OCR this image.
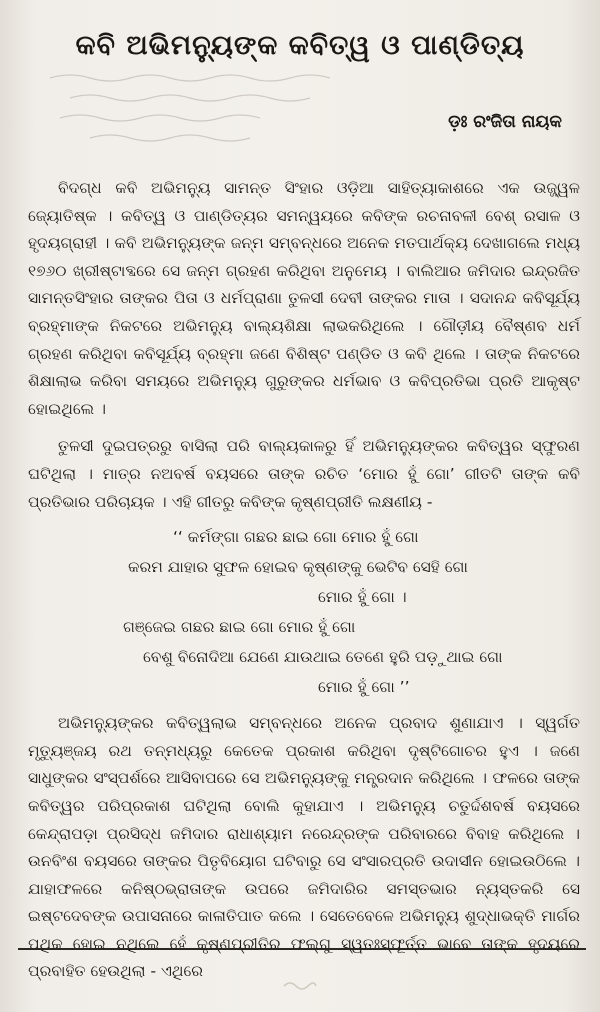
କବି ଅଭିମନ୍ୟୁଙ୍କ କବିତ୍ୱ ଓ ପାଣ୍ଡିତ୍ୟ
ଡ଼ଃ ରଂଜିତା ନାୟକ

ବିଦଗ୍ଧ କବି ଅଭିମନ୍ୟୁ ସାମନ୍ତ ସିଂହାର ଓଡ଼ିଆ ସାହିତ୍ୟାକାଶରେ ଏକ ଉଜ୍ଜ୍ୱଳ ଜ୍ୟୋତିଷ୍କ । କବିତ୍ୱ ଓ ପାଣ୍ଡିତ୍ୟର ସମନ୍ୱୟରେ କବିଙ୍କ ରଚନାବଳୀ ବେଶ୍ ରସାଳ ଓ ହୃଦୟଗ୍ରାହୀ । କବି ଅଭିମନ୍ୟୁଙ୍କ ଜନ୍ମ ସମ୍ବନ୍ଧରେ ଅନେକ ମତପାର୍ଥକ୍ୟ ଦେଖାଗଲେ ମଧ୍ୟ ୧୭୬୦ ଖ୍ରୀଷ୍ଟାବ୍ଦରେ ସେ ଜନ୍ମ ଗ୍ରହଣ କରିଥିବା ଅନୁମେୟ । ବାଲିଆର ଜମିଦାର ଇନ୍ଦ୍ରଜିତ ସାମନ୍ତସିଂହାର ତାଙ୍କର ପିତା ଓ ଧର୍ମପ୍ରାଣା ତୁଳସୀ ଦେବୀ ତାଙ୍କର ମାତା । ସଦାନନ୍ଦ କବିସୂର୍ଯ୍ୟ ବ୍ରହ୍ମାଙ୍କ ନିକଟରେ ଅଭିମନ୍ୟୁ ବାଲ୍ୟଶିକ୍ଷା ଲାଭକରିଥିଲେ । ଗୌଡ଼ୀୟ ବୈଷ୍ଣବ ଧର୍ମ ଗ୍ରହଣ କରିଥିବା କବିସୂର୍ଯ୍ୟ ବ୍ରହ୍ମା ଜଣେ ବିଶିଷ୍ଟ ପଣ୍ଡିତ ଓ କବି ଥିଲେ । ତାଙ୍କ ନିକଟରେ ଶିକ୍ଷାଲାଭ କରିବା ସମୟରେ ଅଭିମନ୍ୟୁ ଗୁରୁଙ୍କର ଧର୍ମଭାବ ଓ କବିପ୍ରତିଭା ପ୍ରତି ଆକୃଷ୍ଟ ହୋଇଥିଲେ ।

ତୁଳସୀ ଦୁଇପତ୍ରରୁ ବାସିଲା ପରି ବାଲ୍ୟକାଳରୁ ହିଁ ଅଭିମନ୍ୟୁଙ୍କର କବିତ୍ୱର ସ୍ଫୁରଣ ଘଟିଥିଲା । ମାତ୍ର ନଅବର୍ଷ ବୟସରେ ତାଙ୍କ ରଚିତ ‘ମୋର ହୁଁ ଗୋ’ ଗୀତଟି ତାଙ୍କ କବି ପ୍ରତିଭାର ପରିଚାୟକ । ଏହି ଗୀତରୁ କବିଙ୍କ କୃଷ୍ଣପ୍ରୀତି ଲକ୍ଷଣୀୟ -

‘‘ କର୍ମଙ୍ଗା ଗଛର ଛାଇ ଗୋ ମୋର ହୁଁ ଗୋ
କରମ ଯାହାର ସୁଫଳ ହୋଇବ କୃଷ୍ଣଙ୍କୁ ଭେଟିବ ସେହି ଗୋ
ମୋର ହୁଁ ଗୋ ।
ଗଞ୍ଜେଇ ଗଛର ଛାଇ ଗୋ ମୋର ହୁଁ ଗୋ
ବେଶୁ ବିନୋଦିଆ ଯେଣେ ଯାଉଥାଇ ତେଣେ ହୁରି ପଡ଼ୁଥାଇ ଗୋ
ମୋର ହୁଁ ଗୋ ’’

ଅଭିମନ୍ୟୁଙ୍କର କବିତ୍ୱଲାଭ ସମ୍ବନ୍ଧରେ ଅନେକ ପ୍ରବାଦ ଶୁଣାଯାଏ । ସ୍ୱର୍ଗତ ମୃତ୍ୟୁଞ୍ଜୟ ରଥ ତନ୍ମଧ୍ୟରୁ କେତେକ ପ୍ରକାଶ କରିଥିବା ଦୃଷ୍ଟିଗୋଚର ହୁଏ । ଜଣେ ସାଧୁଙ୍କର ସଂସ୍ପର୍ଶରେ ଆସିବାପରେ ସେ ଅଭିମନ୍ୟୁଙ୍କୁ ମନ୍ତ୍ରଦାନ କରିଥିଲେ । ଫଳରେ ତାଙ୍କ କବିତ୍ୱର ପରିପ୍ରକାଶ ଘଟିଥିଲା ବୋଲି କୁହାଯାଏ । ଅଭିମନ୍ୟୁ ଚତୁର୍ଦ୍ଦଶବର୍ଷ ବୟସରେ କେନ୍ଦ୍ରାପଡ଼ା ପ୍ରସିଦ୍ଧ ଜମିଦାର ରାଧାଶ୍ୟାମ ନରେନ୍ଦ୍ରଙ୍କ ପରିବାରରେ ବିବାହ କରିଥିଲେ । ଉନବିଂଶ ବୟସରେ ତାଙ୍କର ପିତୃବିୟୋଗ ଘଟିବାରୁ ସେ ସଂସାରପ୍ରତି ଉଦାସୀନ ହୋଇଉଠିଲେ । ଯାହାଫଳରେ କନିଷ୍ଠଭ୍ରାତାଙ୍କ ଉପରେ ଜମିଦାରିର ସମସ୍ତଭାର ନ୍ୟସ୍ତକରି ସେ ଇଷ୍ଟଦେବଙ୍କ ଉପାସନାରେ କାଳାତିପାତ କଲେ । ସେତେବେଳେ ଅଭିମନ୍ୟୁ ଶୁଦ୍ଧାଭକ୍ତି ମାର୍ଗର ପଥିକ ହୋଇ ନଥିଲେ ହେଁ କୃଷ୍ଣପ୍ରୀତିର ଫଲ୍ଗୁ ସ୍ୱତଃସ୍ଫୂର୍ତ୍ତ ଭାବେ ତାଙ୍କ ହୃଦୟରେ ପ୍ରବାହିତ ହେଉଥିଲା - ଏଥିରେ
